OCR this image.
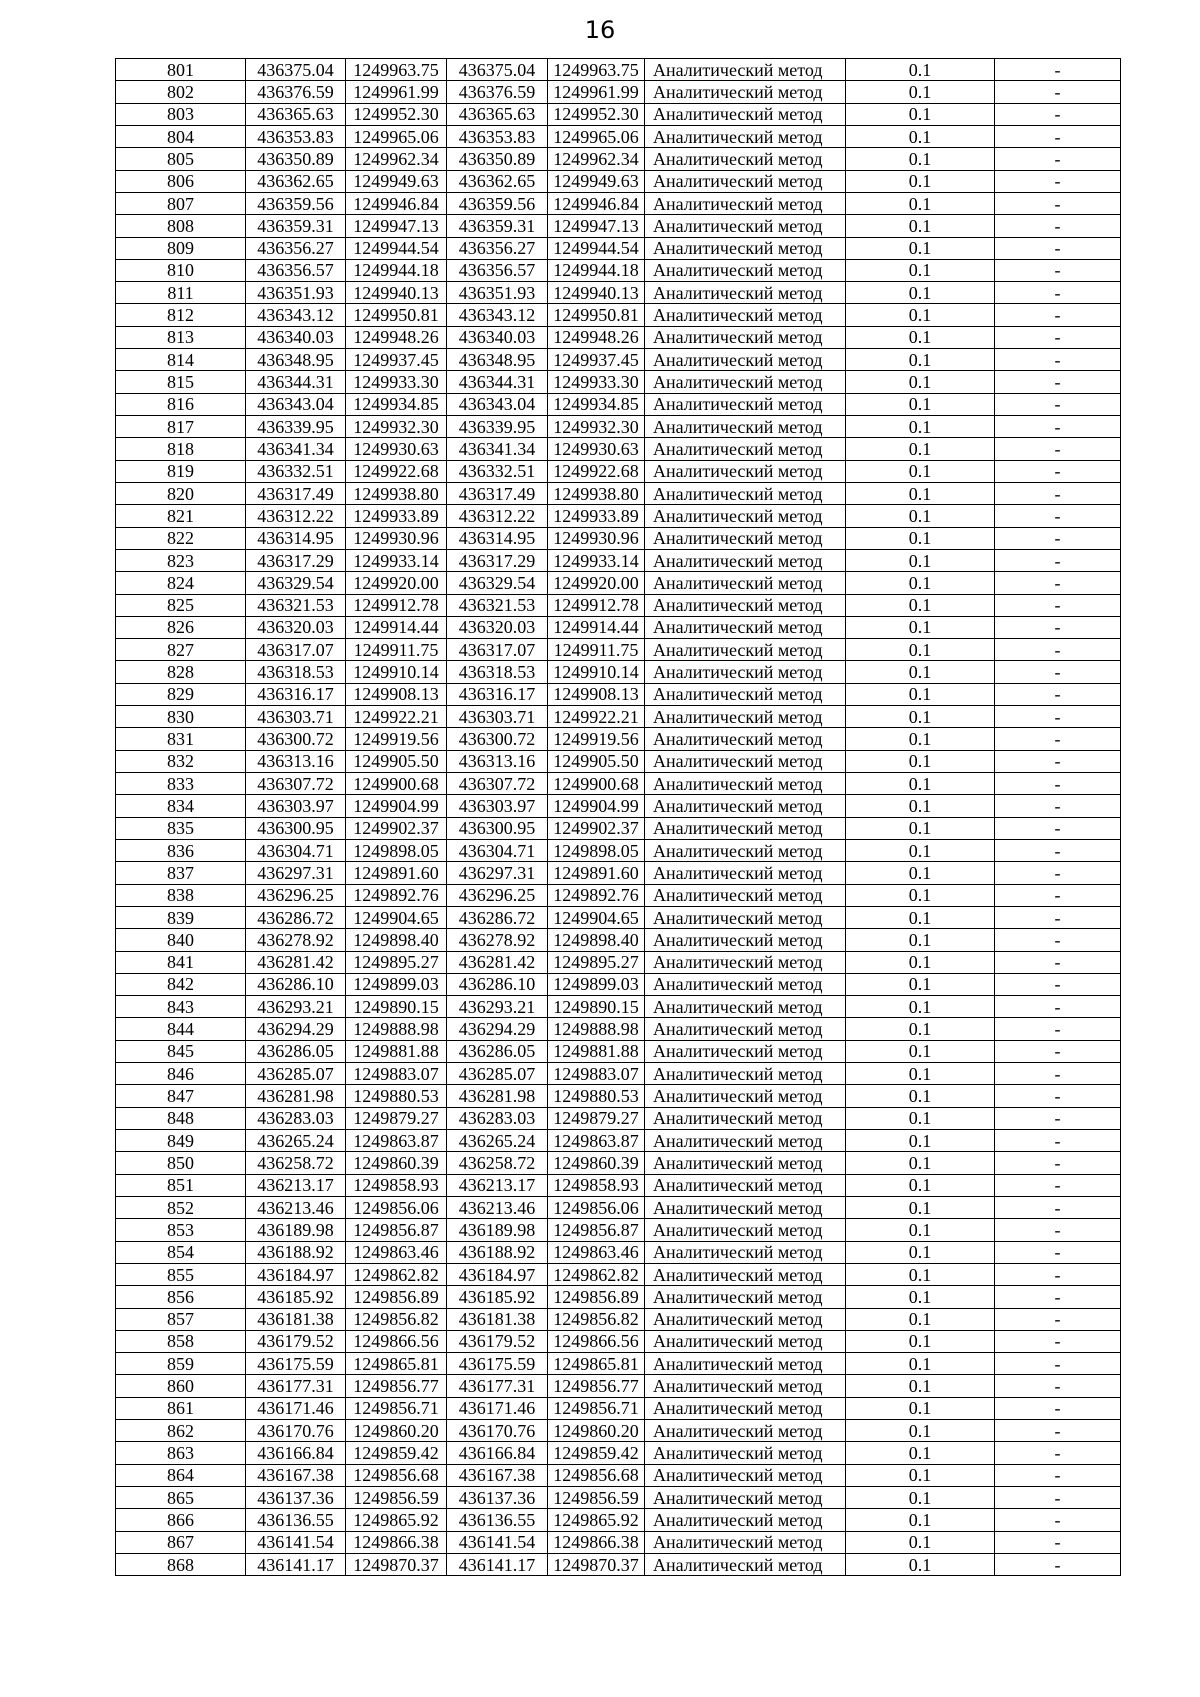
16
801	436375.04	1249963.75	436375.04	1249963.75	Аналитический метод	0.1	-
802	436376.59	1249961.99	436376.59	1249961.99	Аналитический метод	0.1	-
803	436365.63	1249952.30	436365.63	1249952.30	Аналитический метод	0.1	-
804	436353.83	1249965.06	436353.83	1249965.06	Аналитический метод	0.1	-
805	436350.89	1249962.34	436350.89	1249962.34	Аналитический метод	0.1	-
806	436362.65	1249949.63	436362.65	1249949.63	Аналитический метод	0.1	-
807	436359.56	1249946.84	436359.56	1249946.84	Аналитический метод	0.1	-
808	436359.31	1249947.13	436359.31	1249947.13	Аналитический метод	0.1	-
809	436356.27	1249944.54	436356.27	1249944.54	Аналитический метод	0.1	-
810	436356.57	1249944.18	436356.57	1249944.18	Аналитический метод	0.1	-
811	436351.93	1249940.13	436351.93	1249940.13	Аналитический метод	0.1	-
812	436343.12	1249950.81	436343.12	1249950.81	Аналитический метод	0.1	-
813	436340.03	1249948.26	436340.03	1249948.26	Аналитический метод	0.1	-
814	436348.95	1249937.45	436348.95	1249937.45	Аналитический метод	0.1	-
815	436344.31	1249933.30	436344.31	1249933.30	Аналитический метод	0.1	-
816	436343.04	1249934.85	436343.04	1249934.85	Аналитический метод	0.1	-
817	436339.95	1249932.30	436339.95	1249932.30	Аналитический метод	0.1	-
818	436341.34	1249930.63	436341.34	1249930.63	Аналитический метод	0.1	-
819	436332.51	1249922.68	436332.51	1249922.68	Аналитический метод	0.1	-
820	436317.49	1249938.80	436317.49	1249938.80	Аналитический метод	0.1	-
821	436312.22	1249933.89	436312.22	1249933.89	Аналитический метод	0.1	-
822	436314.95	1249930.96	436314.95	1249930.96	Аналитический метод	0.1	-
823	436317.29	1249933.14	436317.29	1249933.14	Аналитический метод	0.1	-
824	436329.54	1249920.00	436329.54	1249920.00	Аналитический метод	0.1	-
825	436321.53	1249912.78	436321.53	1249912.78	Аналитический метод	0.1	-
826	436320.03	1249914.44	436320.03	1249914.44	Аналитический метод	0.1	-
827	436317.07	1249911.75	436317.07	1249911.75	Аналитический метод	0.1	-
828	436318.53	1249910.14	436318.53	1249910.14	Аналитический метод	0.1	-
829	436316.17	1249908.13	436316.17	1249908.13	Аналитический метод	0.1	-
830	436303.71	1249922.21	436303.71	1249922.21	Аналитический метод	0.1	-
831	436300.72	1249919.56	436300.72	1249919.56	Аналитический метод	0.1	-
832	436313.16	1249905.50	436313.16	1249905.50	Аналитический метод	0.1	-
833	436307.72	1249900.68	436307.72	1249900.68	Аналитический метод	0.1	-
834	436303.97	1249904.99	436303.97	1249904.99	Аналитический метод	0.1	-
835	436300.95	1249902.37	436300.95	1249902.37	Аналитический метод	0.1	-
836	436304.71	1249898.05	436304.71	1249898.05	Аналитический метод	0.1	-
837	436297.31	1249891.60	436297.31	1249891.60	Аналитический метод	0.1	-
838	436296.25	1249892.76	436296.25	1249892.76	Аналитический метод	0.1	-
839	436286.72	1249904.65	436286.72	1249904.65	Аналитический метод	0.1	-
840	436278.92	1249898.40	436278.92	1249898.40	Аналитический метод	0.1	-
841	436281.42	1249895.27	436281.42	1249895.27	Аналитический метод	0.1	-
842	436286.10	1249899.03	436286.10	1249899.03	Аналитический метод	0.1	-
843	436293.21	1249890.15	436293.21	1249890.15	Аналитический метод	0.1	-
844	436294.29	1249888.98	436294.29	1249888.98	Аналитический метод	0.1	-
845	436286.05	1249881.88	436286.05	1249881.88	Аналитический метод	0.1	-
846	436285.07	1249883.07	436285.07	1249883.07	Аналитический метод	0.1	-
847	436281.98	1249880.53	436281.98	1249880.53	Аналитический метод	0.1	-
848	436283.03	1249879.27	436283.03	1249879.27	Аналитический метод	0.1	-
849	436265.24	1249863.87	436265.24	1249863.87	Аналитический метод	0.1	-
850	436258.72	1249860.39	436258.72	1249860.39	Аналитический метод	0.1	-
851	436213.17	1249858.93	436213.17	1249858.93	Аналитический метод	0.1	-
852	436213.46	1249856.06	436213.46	1249856.06	Аналитический метод	0.1	-
853	436189.98	1249856.87	436189.98	1249856.87	Аналитический метод	0.1	-
854	436188.92	1249863.46	436188.92	1249863.46	Аналитический метод	0.1	-
855	436184.97	1249862.82	436184.97	1249862.82	Аналитический метод	0.1	-
856	436185.92	1249856.89	436185.92	1249856.89	Аналитический метод	0.1	-
857	436181.38	1249856.82	436181.38	1249856.82	Аналитический метод	0.1	-
858	436179.52	1249866.56	436179.52	1249866.56	Аналитический метод	0.1	-
859	436175.59	1249865.81	436175.59	1249865.81	Аналитический метод	0.1	-
860	436177.31	1249856.77	436177.31	1249856.77	Аналитический метод	0.1	-
861	436171.46	1249856.71	436171.46	1249856.71	Аналитический метод	0.1	-
862	436170.76	1249860.20	436170.76	1249860.20	Аналитический метод	0.1	-
863	436166.84	1249859.42	436166.84	1249859.42	Аналитический метод	0.1	-
864	436167.38	1249856.68	436167.38	1249856.68	Аналитический метод	0.1	-
865	436137.36	1249856.59	436137.36	1249856.59	Аналитический метод	0.1	-
866	436136.55	1249865.92	436136.55	1249865.92	Аналитический метод	0.1	-
867	436141.54	1249866.38	436141.54	1249866.38	Аналитический метод	0.1	-
868	436141.17	1249870.37	436141.17	1249870.37	Аналитический метод	0.1	-
